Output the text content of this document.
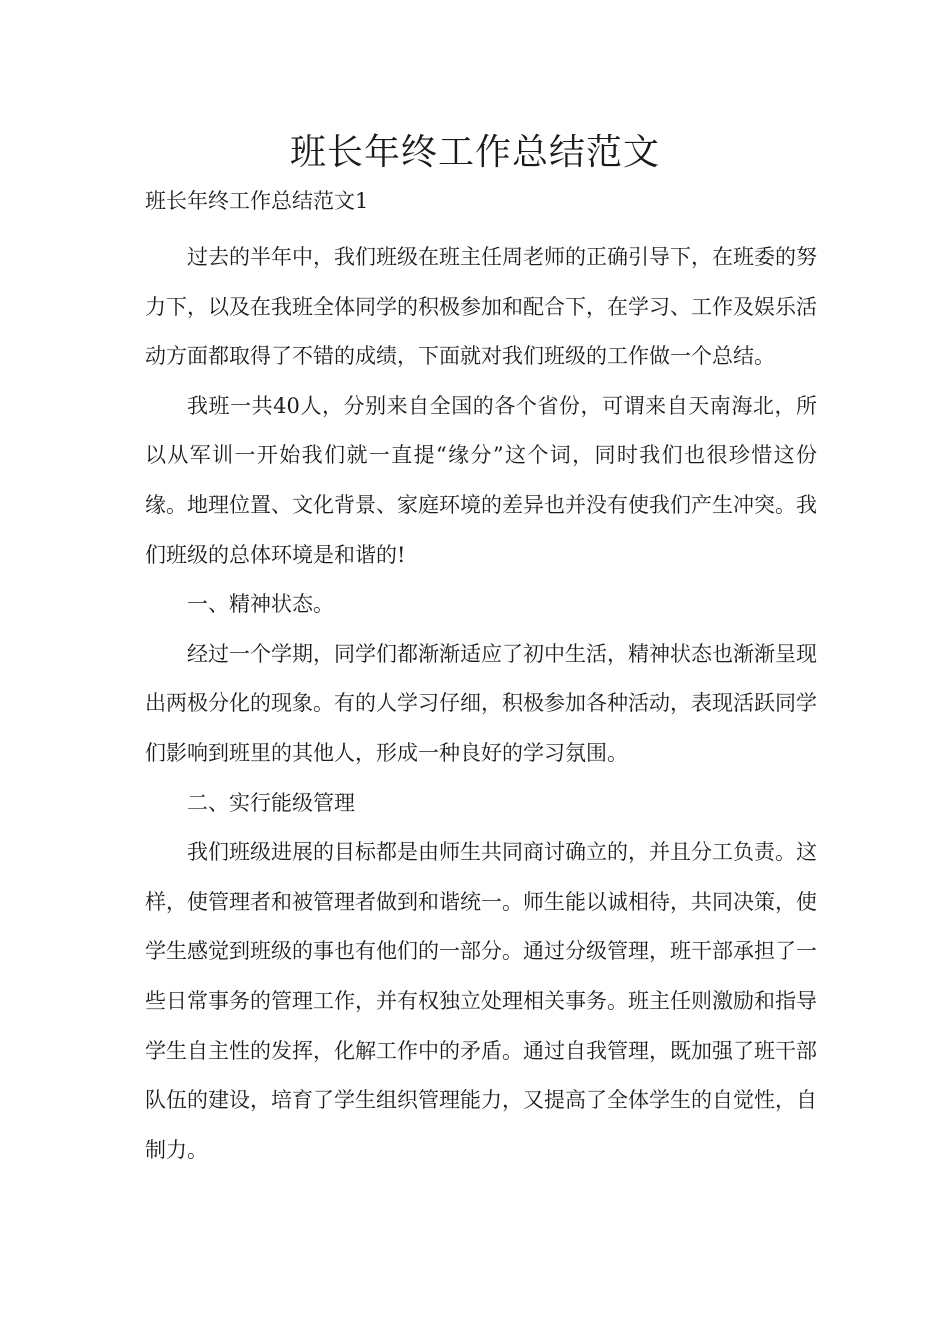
班长年终工作总结范文

班长年终工作总结范文1

过去的半年中，我们班级在班主任周老师的正确引导下，在班委的努力下，以及在我班全体同学的积极参加和配合下，在学习、工作及娱乐活动方面都取得了不错的成绩，下面就对我们班级的工作做一个总结。

我班一共40人，分别来自全国的各个省份，可谓来自天南海北，所以从军训一开始我们就一直提“缘分”这个词，同时我们也很珍惜这份缘。地理位置、文化背景、家庭环境的差异也并没有使我们产生冲突。我们班级的总体环境是和谐的!

一、精神状态。

经过一个学期，同学们都渐渐适应了初中生活，精神状态也渐渐呈现出两极分化的现象。有的人学习仔细，积极参加各种活动，表现活跃同学们影响到班里的其他人，形成一种良好的学习氛围。

二、实行能级管理

我们班级进展的目标都是由师生共同商讨确立的，并且分工负责。这样，使管理者和被管理者做到和谐统一。师生能以诚相待，共同决策，使学生感觉到班级的事也有他们的一部分。通过分级管理，班干部承担了一些日常事务的管理工作，并有权独立处理相关事务。班主任则激励和指导学生自主性的发挥，化解工作中的矛盾。通过自我管理，既加强了班干部队伍的建设，培育了学生组织管理能力，又提高了全体学生的自觉性，自制力。
